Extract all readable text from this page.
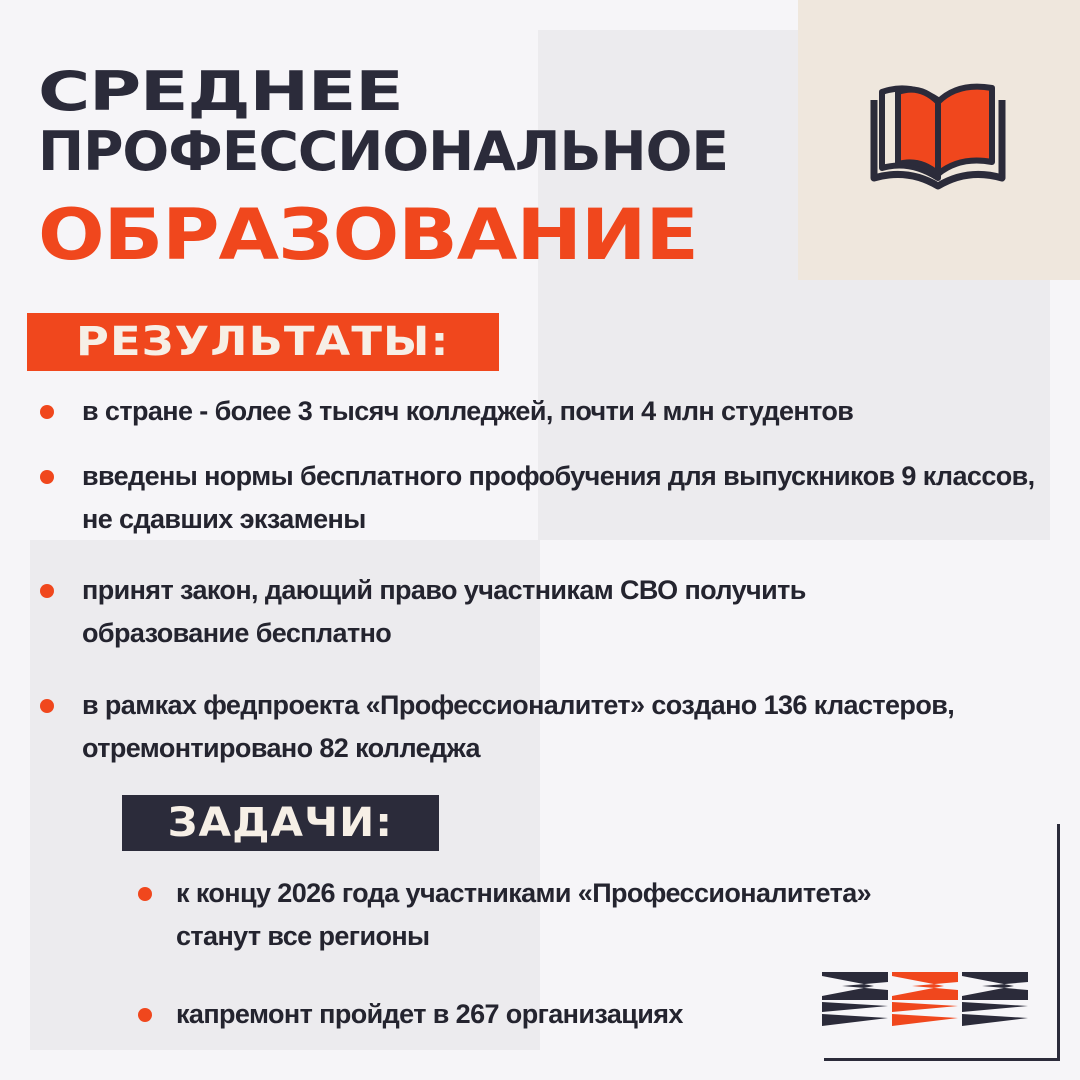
СРЕДНЕЕ
ПРОФЕССИОНАЛЬНОЕ
ОБРАЗОВАНИЕ
РЕЗУЛЬТАТЫ:
в стране - более 3 тысяч колледжей, почти 4 млн студентов
введены нормы бесплатного профобучения для выпускников 9 классов,
не сдавших экзамены
принят закон, дающий право участникам СВО получить
образование бесплатно
в рамках федпроекта «Профессионалитет» создано 136 кластеров,
отремонтировано 82 колледжа
ЗАДАЧИ:
к концу 2026 года участниками «Профессионалитета»
станут все регионы
капремонт пройдет в 267 организациях
